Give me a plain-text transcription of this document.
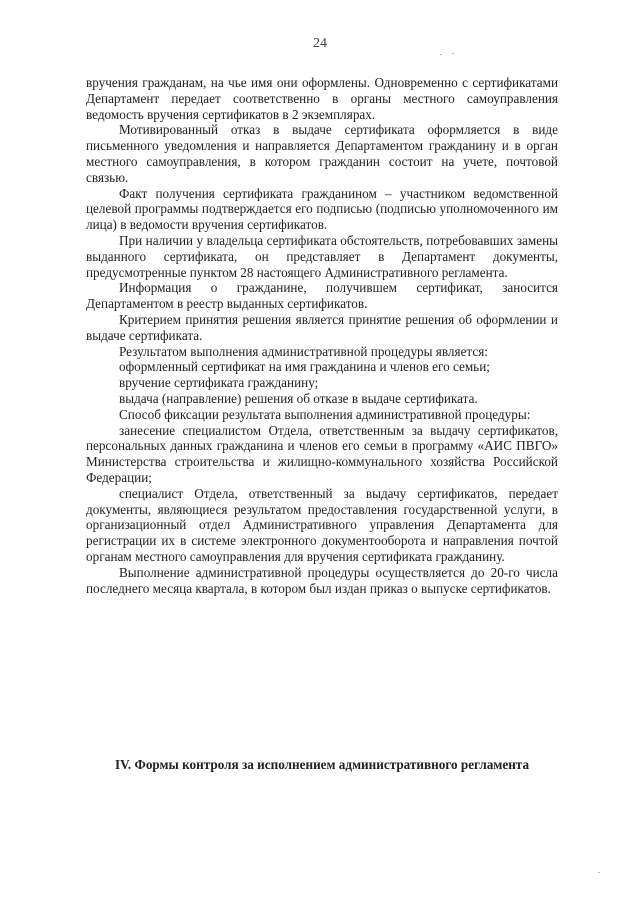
24

вручения гражданам, на чье имя они оформлены. Одновременно с сертификатами Департамент передает соответственно в органы местного самоуправления ведомость вручения сертификатов в 2 экземплярах.

Мотивированный отказ в выдаче сертификата оформляется в виде письменного уведомления и направляется Департаментом гражданину и в орган местного самоуправления, в котором гражданин состоит на учете, почтовой связью.

Факт получения сертификата гражданином – участником ведомственной целевой программы подтверждается его подписью (подписью уполномоченного им лица) в ведомости вручения сертификатов.

При наличии у владельца сертификата обстоятельств, потребовавших замены выданного сертификата, он представляет в Департамент документы, предусмотренные пунктом 28 настоящего Административного регламента.

Информация о гражданине, получившем сертификат, заносится Департаментом в реестр выданных сертификатов.

Критерием принятия решения является принятие решения об оформлении и выдаче сертификата.

Результатом выполнения административной процедуры является:

оформленный сертификат на имя гражданина и членов его семьи;

вручение сертификата гражданину;

выдача (направление) решения об отказе в выдаче сертификата.

Способ фиксации результата выполнения административной процедуры:

занесение специалистом Отдела, ответственным за выдачу сертификатов, персональных данных гражданина и членов его семьи в программу «АИС ПВГО» Министерства строительства и жилищно-коммунального хозяйства Российской Федерации;

специалист Отдела, ответственный за выдачу сертификатов, передает документы, являющиеся результатом предоставления государственной услуги, в организационный отдел Административного управления Департамента для регистрации их в системе электронного документооборота и направления почтой органам местного самоуправления для вручения сертификата гражданину.

Выполнение административной процедуры осуществляется до 20-го числа последнего месяца квартала, в котором был издан приказ о выпуске сертификатов.

IV. Формы контроля за исполнением административного регламента
